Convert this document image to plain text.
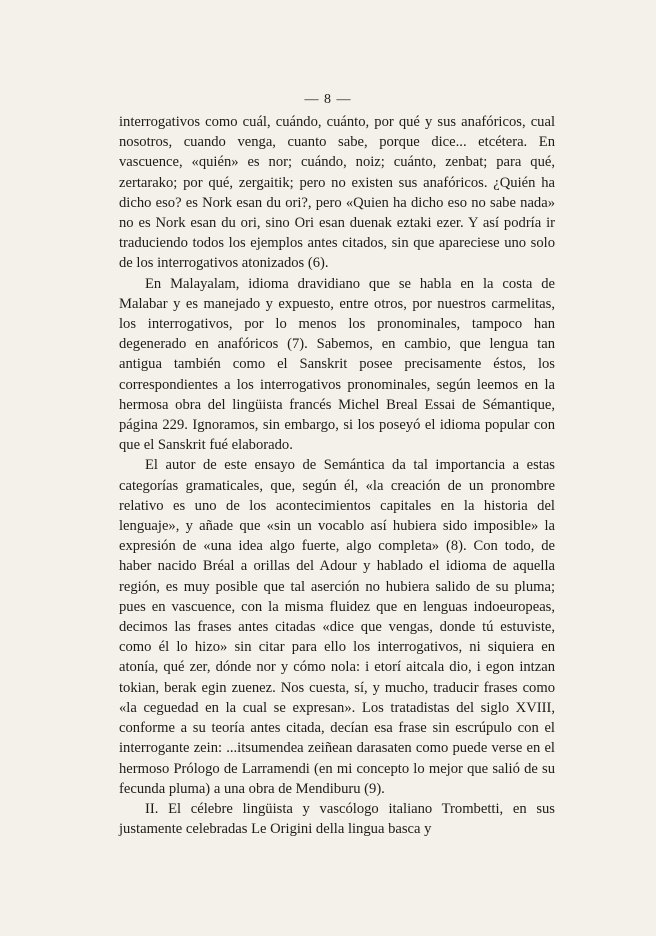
— 8 —

interrogativos como cuál, cuándo, cuánto, por qué y sus anafóricos, cual nosotros, cuando venga, cuanto sabe, porque dice... etcétera. En vascuence, «quién» es nor; cuándo, noiz; cuánto, zenbat; para qué, zertarako; por qué, zergaitik; pero no existen sus anafóricos. ¿Quién ha dicho eso? es Nork esan du ori?, pero «Quien ha dicho eso no sabe nada» no es Nork esan du ori, sino Ori esan duenak eztaki ezer. Y así podría ir traduciendo todos los ejemplos antes citados, sin que apareciese uno solo de los interrogativos atonizados (6).

En Malayalam, idioma dravidiano que se habla en la costa de Malabar y es manejado y expuesto, entre otros, por nuestros carmelitas, los interrogativos, por lo menos los pronominales, tampoco han degenerado en anafóricos (7). Sabemos, en cambio, que lengua tan antigua también como el Sanskrit posee precisamente éstos, los correspondientes a los interrogativos pronominales, según leemos en la hermosa obra del lingüista francés Michel Breal Essai de Sémantique, página 229. Ignoramos, sin embargo, si los poseyó el idioma popular con que el Sanskrit fué elaborado.

El autor de este ensayo de Semántica da tal importancia a estas categorías gramaticales, que, según él, «la creación de un pronombre relativo es uno de los acontecimientos capitales en la historia del lenguaje», y añade que «sin un vocablo así hubiera sido imposible» la expresión de «una idea algo fuerte, algo completa» (8). Con todo, de haber nacido Bréal a orillas del Adour y hablado el idioma de aquella región, es muy posible que tal aserción no hubiera salido de su pluma; pues en vascuence, con la misma fluidez que en lenguas indoeuropeas, decimos las frases antes citadas «dice que vengas, donde tú estuviste, como él lo hizo» sin citar para ello los interrogativos, ni siquiera en atonía, qué zer, dónde nor y cómo nola: i etorí aitcala dio, i egon intzan tokian, berak egin zuenez. Nos cuesta, sí, y mucho, traducir frases como «la ceguedad en la cual se expresan». Los tratadistas del siglo XVIII, conforme a su teoría antes citada, decían esa frase sin escrúpulo con el interrogante zein: ...itsumendea zeiñean darasaten como puede verse en el hermoso Prólogo de Larramendi (en mi concepto lo mejor que salió de su fecunda pluma) a una obra de Mendiburu (9).

II. El célebre lingüista y vascólogo italiano Trombetti, en sus justamente celebradas Le Origini della lingua basca y
